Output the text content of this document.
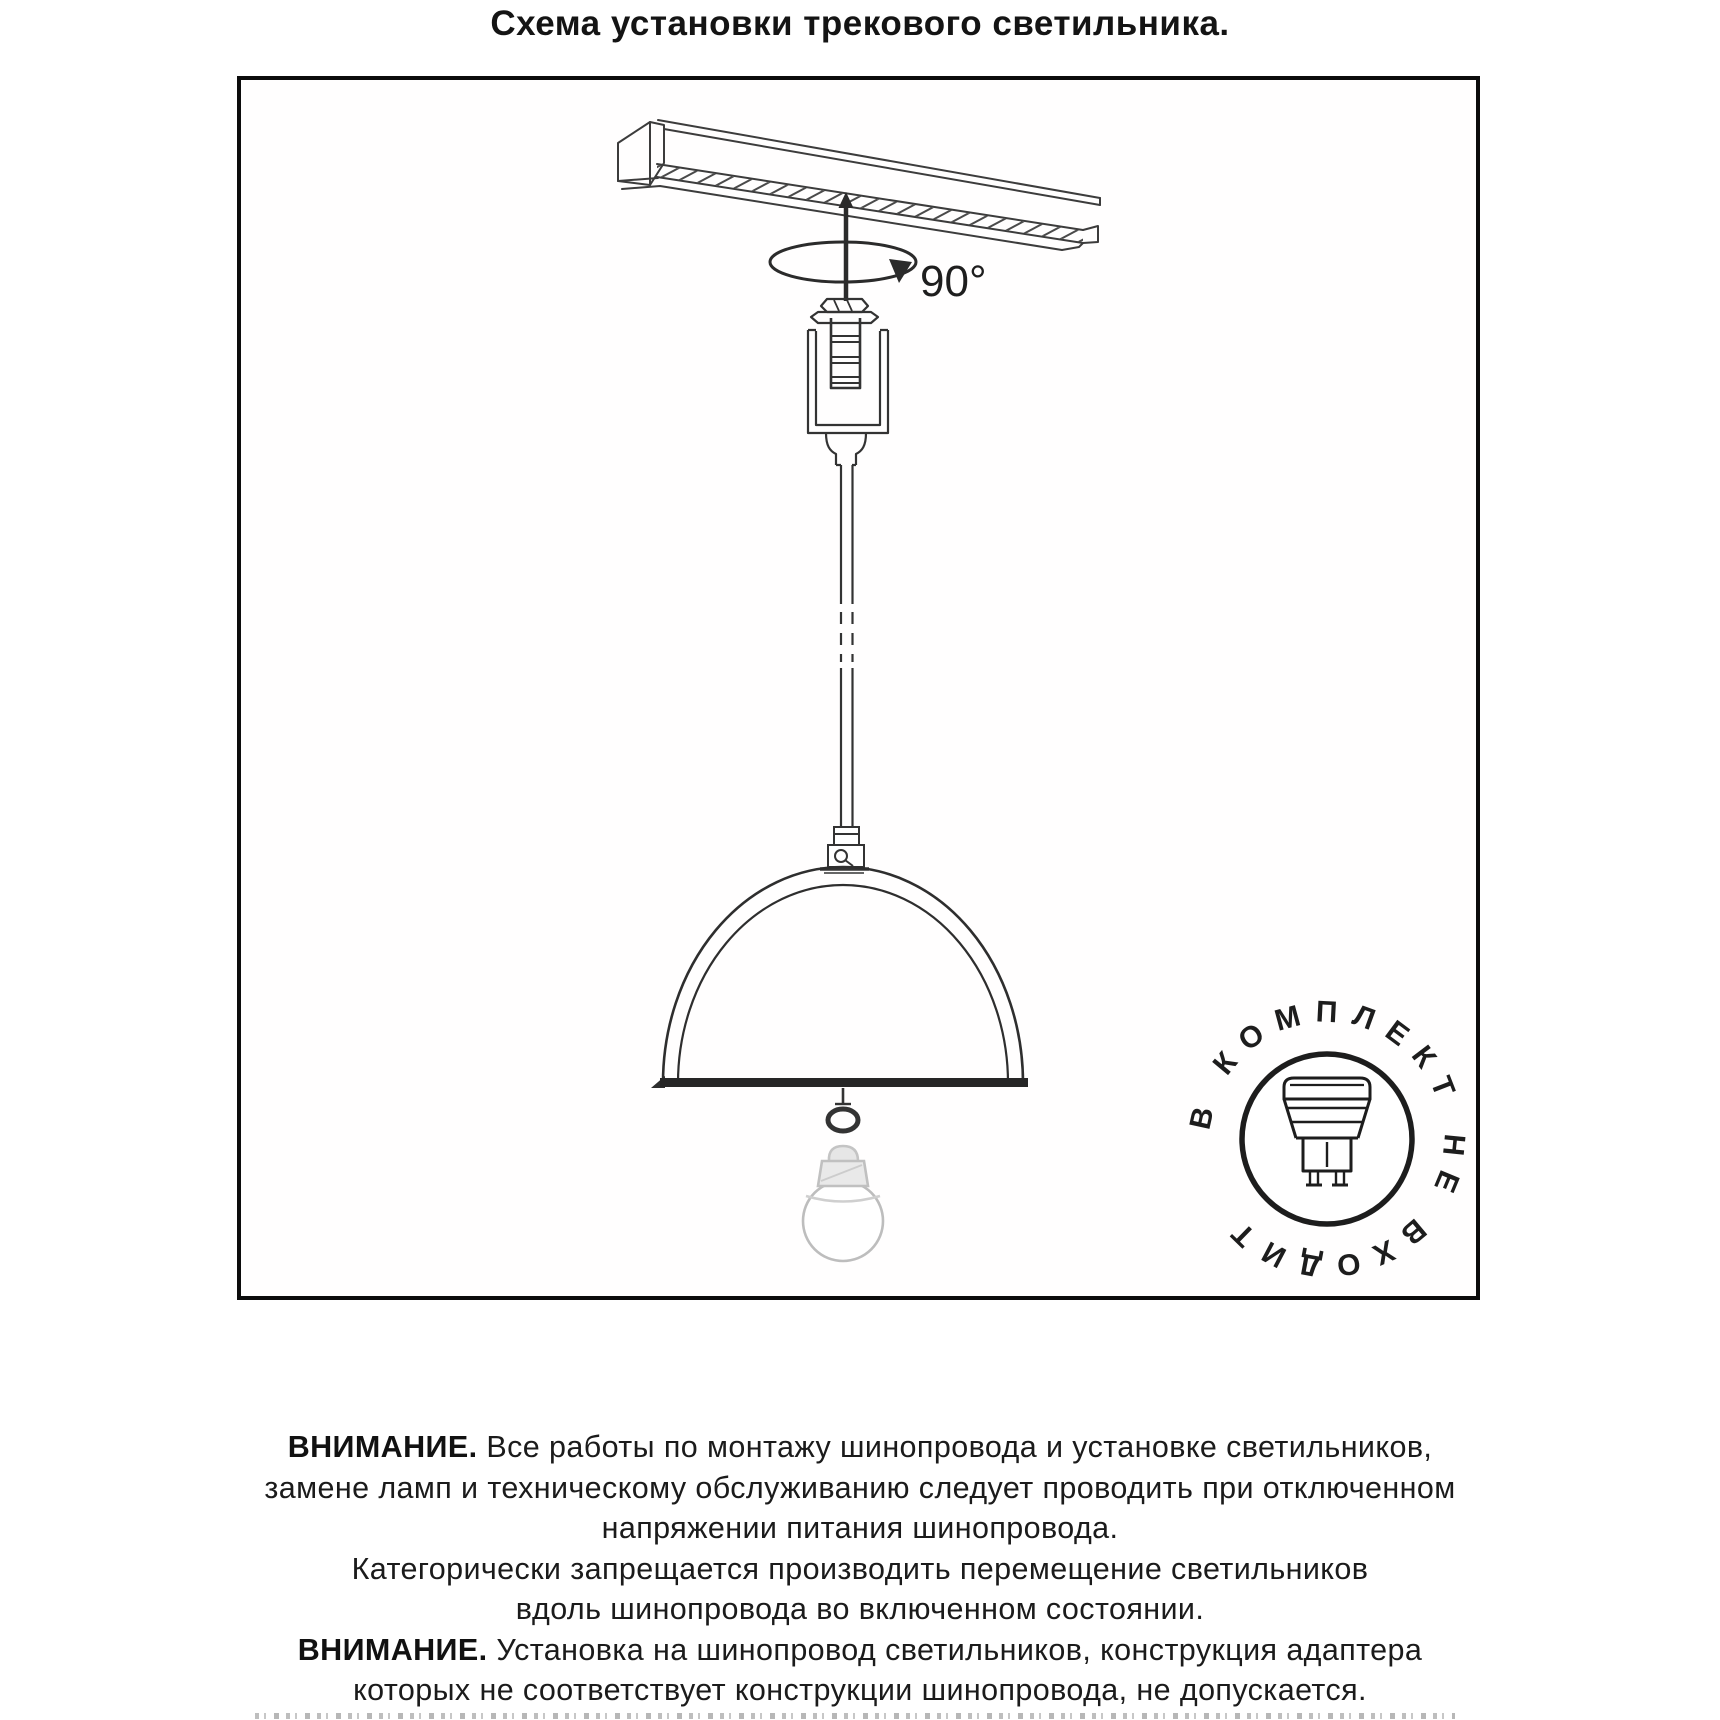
Схема установки трекового светильника.
90°
В КОМПЛЕКТ НЕ ВХОДИТ
ВНИМАНИЕ. Все работы по монтажу шинопровода и установке светильников,
замене ламп и техническому обслуживанию следует проводить при отключенном
напряжении питания шинопровода.
Категорически запрещается производить перемещение светильников
вдоль шинопровода во включенном состоянии.
ВНИМАНИЕ. Установка на шинопровод светильников, конструкция адаптера
которых не соответствует конструкции шинопровода, не допускается.
